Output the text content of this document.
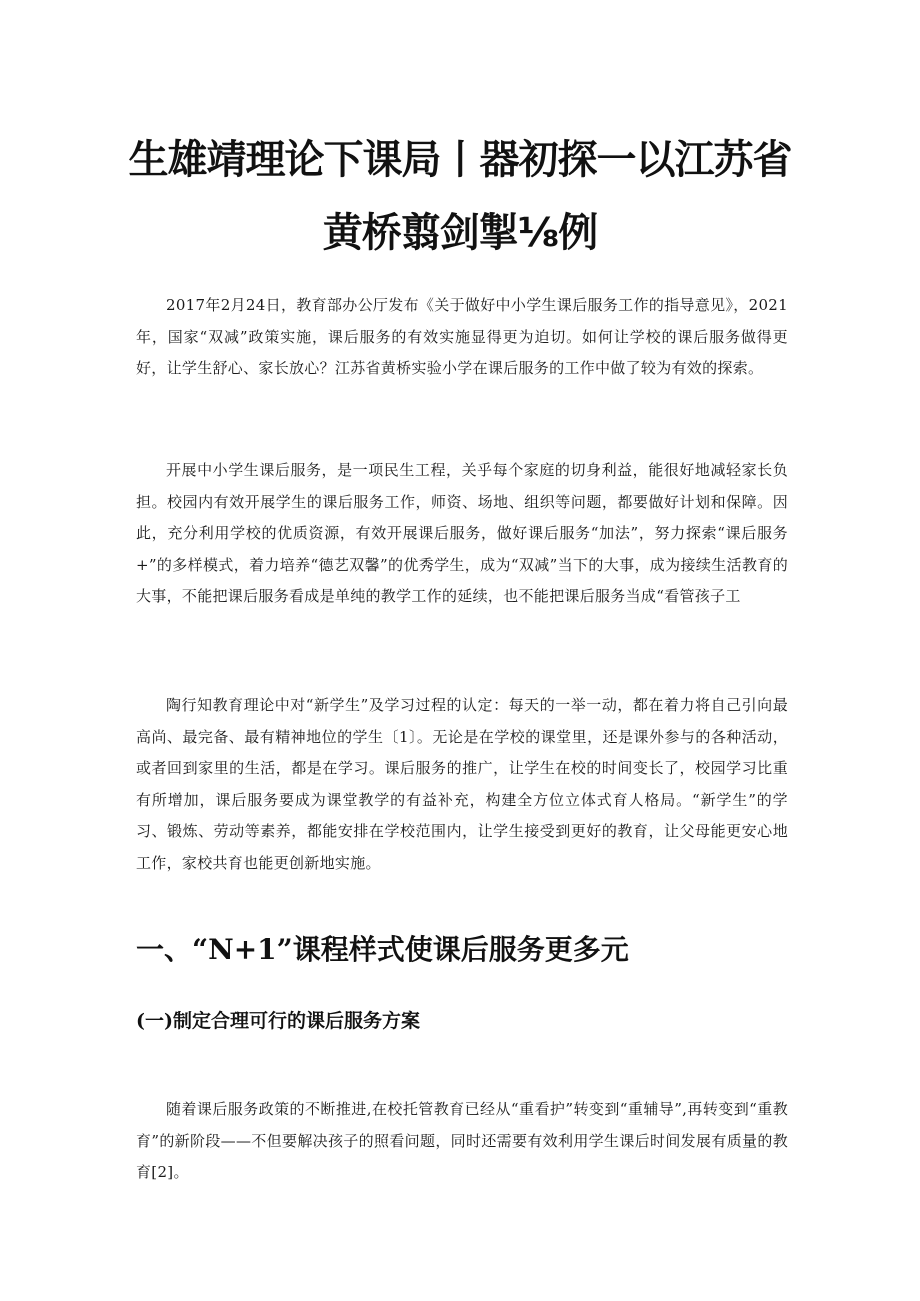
生雄靖理论下课局丨器初探一以江苏省
黄桥翦剑掣⅛例

2017年2月24日，教育部办公厅发布《关于做好中小学生课后服务工作的指导意见》，2021年，国家“双减”政策实施，课后服务的有效实施显得更为迫切。如何让学校的课后服务做得更好，让学生舒心、家长放心？江苏省黄桥实验小学在课后服务的工作中做了较为有效的探索。

开展中小学生课后服务，是一项民生工程，关乎每个家庭的切身利益，能很好地减轻家长负担。校园内有效开展学生的课后服务工作，师资、场地、组织等问题，都要做好计划和保障。因此，充分利用学校的优质资源，有效开展课后服务，做好课后服务“加法”，努力探索“课后服务+”的多样模式，着力培养“德艺双馨”的优秀学生，成为“双减”当下的大事，成为接续生活教育的大事，不能把课后服务看成是单纯的教学工作的延续，也不能把课后服务当成“看管孩子工

陶行知教育理论中对“新学生”及学习过程的认定：每天的一举一动，都在着力将自己引向最高尚、最完备、最有精神地位的学生〔1〕。无论是在学校的课堂里，还是课外参与的各种活动，或者回到家里的生活，都是在学习。课后服务的推广，让学生在校的时间变长了，校园学习比重有所增加，课后服务要成为课堂教学的有益补充，构建全方位立体式育人格局。“新学生”的学习、锻炼、劳动等素养，都能安排在学校范围内，让学生接受到更好的教育，让父母能更安心地工作，家校共育也能更创新地实施。

一、“N+1”课程样式使课后服务更多元
(一)制定合理可行的课后服务方案

随着课后服务政策的不断推进,在校托管教育已经从“重看护”转变到“重辅导”,再转变到“重教育”的新阶段——不但要解决孩子的照看问题，同时还需要有效利用学生课后时间发展有质量的教育[2]。
